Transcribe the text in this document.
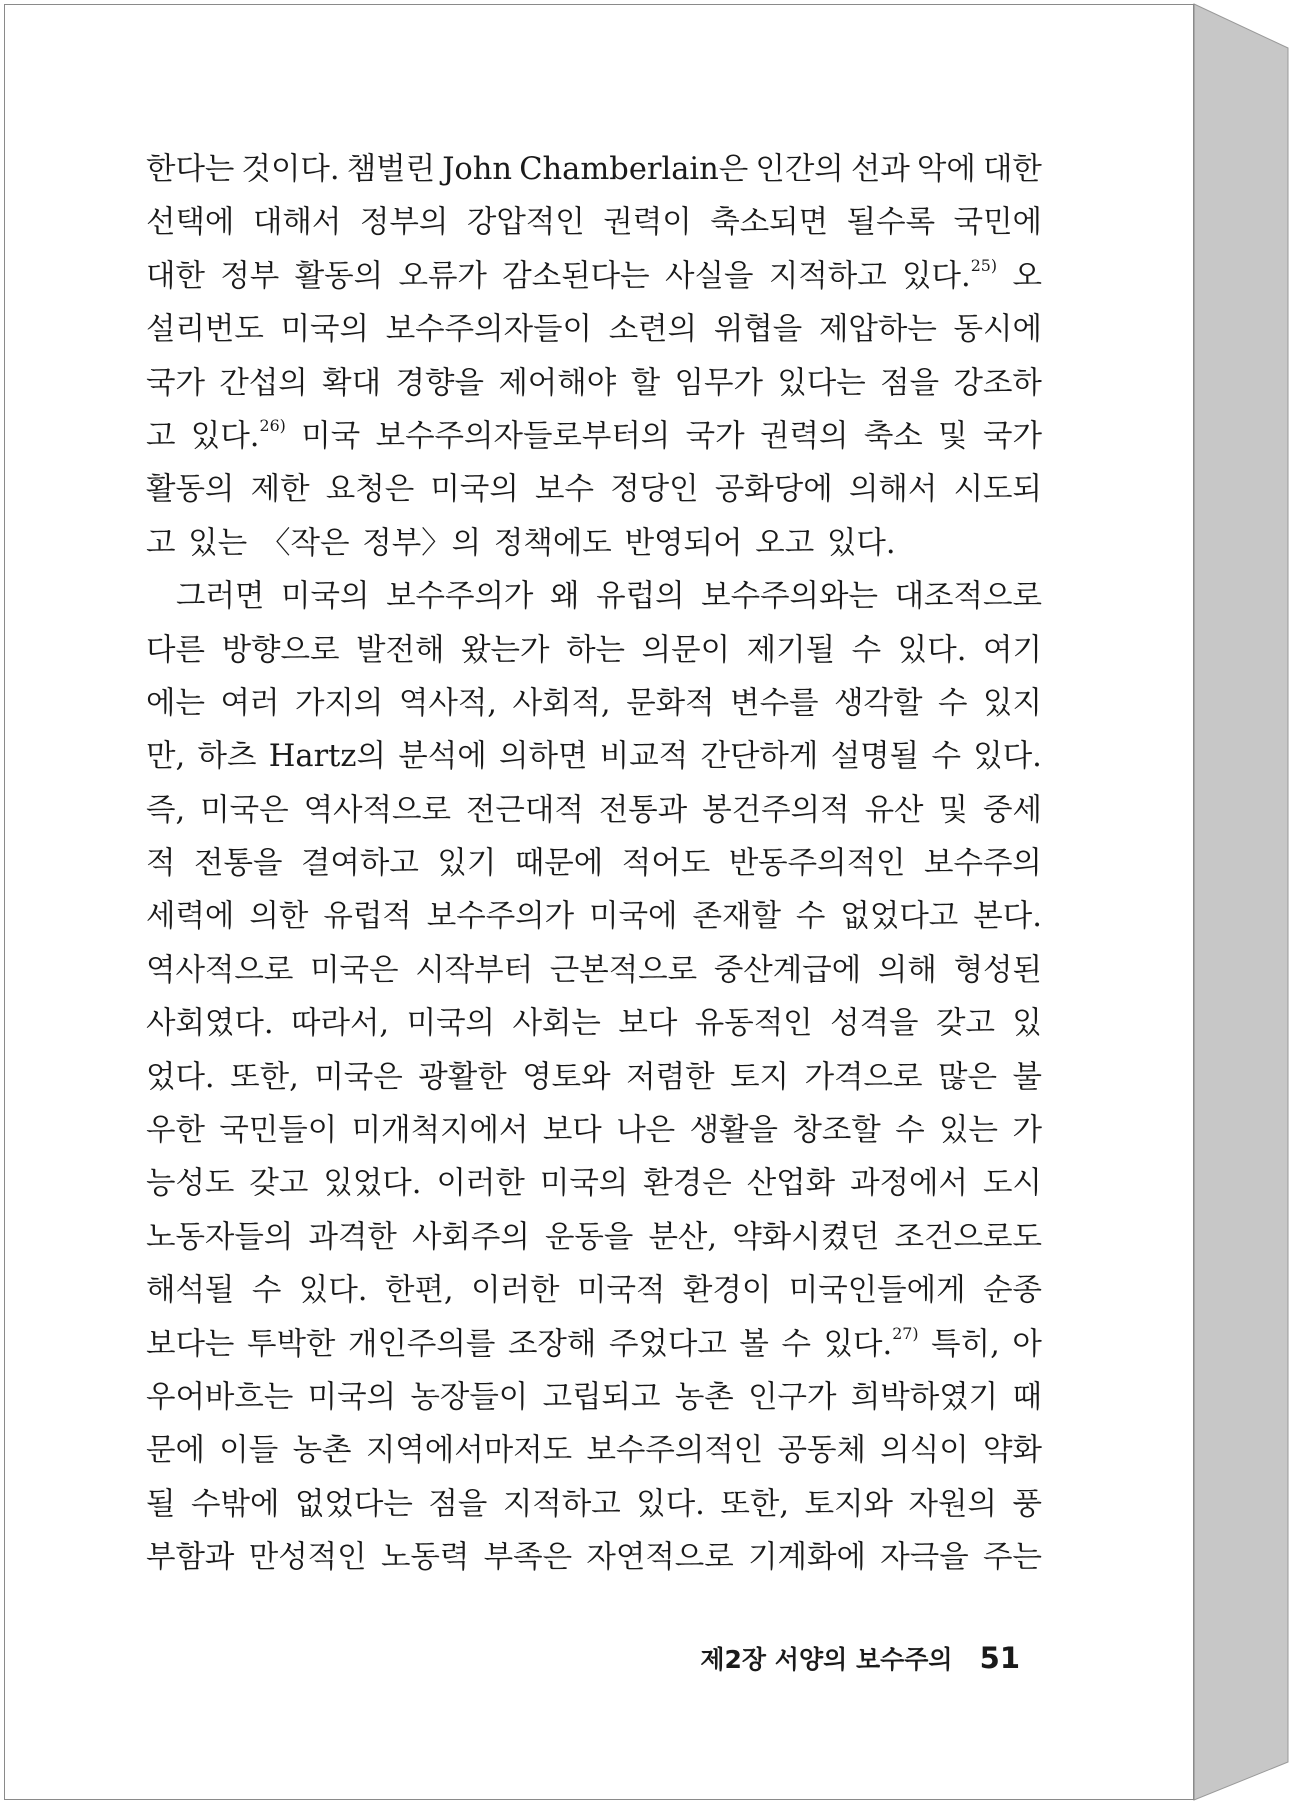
한다는 것이다. 챔벌린 John Chamberlain은 인간의 선과 악에 대한
선택에 대해서 정부의 강압적인 권력이 축소되면 될수록 국민에
대한 정부 활동의 오류가 감소된다는 사실을 지적하고 있다.$^{25)}$ 오
설리번도 미국의 보수주의자들이 소련의 위협을 제압하는 동시에
국가 간섭의 확대 경향을 제어해야 할 임무가 있다는 점을 강조하
고 있다.$^{26)}$ 미국 보수주의자들로부터의 국가 권력의 축소 및 국가
활동의 제한 요청은 미국의 보수 정당인 공화당에 의해서 시도되
고 있는 〈작은 정부〉의 정책에도 반영되어 오고 있다.
그러면 미국의 보수주의가 왜 유럽의 보수주의와는 대조적으로
다른 방향으로 발전해 왔는가 하는 의문이 제기될 수 있다. 여기
에는 여러 가지의 역사적, 사회적, 문화적 변수를 생각할 수 있지
만, 하츠 Hartz의 분석에 의하면 비교적 간단하게 설명될 수 있다.
즉, 미국은 역사적으로 전근대적 전통과 봉건주의적 유산 및 중세
적 전통을 결여하고 있기 때문에 적어도 반동주의적인 보수주의
세력에 의한 유럽적 보수주의가 미국에 존재할 수 없었다고 본다.
역사적으로 미국은 시작부터 근본적으로 중산계급에 의해 형성된
사회였다. 따라서, 미국의 사회는 보다 유동적인 성격을 갖고 있
었다. 또한, 미국은 광활한 영토와 저렴한 토지 가격으로 많은 불
우한 국민들이 미개척지에서 보다 나은 생활을 창조할 수 있는 가
능성도 갖고 있었다. 이러한 미국의 환경은 산업화 과정에서 도시
노동자들의 과격한 사회주의 운동을 분산, 약화시켰던 조건으로도
해석될 수 있다. 한편, 이러한 미국적 환경이 미국인들에게 순종
보다는 투박한 개인주의를 조장해 주었다고 볼 수 있다.$^{27)}$ 특히, 아
우어바흐는 미국의 농장들이 고립되고 농촌 인구가 희박하였기 때
문에 이들 농촌 지역에서마저도 보수주의적인 공동체 의식이 약화
될 수밖에 없었다는 점을 지적하고 있다. 또한, 토지와 자원의 풍
부함과 만성적인 노동력 부족은 자연적으로 기계화에 자극을 주는
제2장 서양의 보수주의 51
